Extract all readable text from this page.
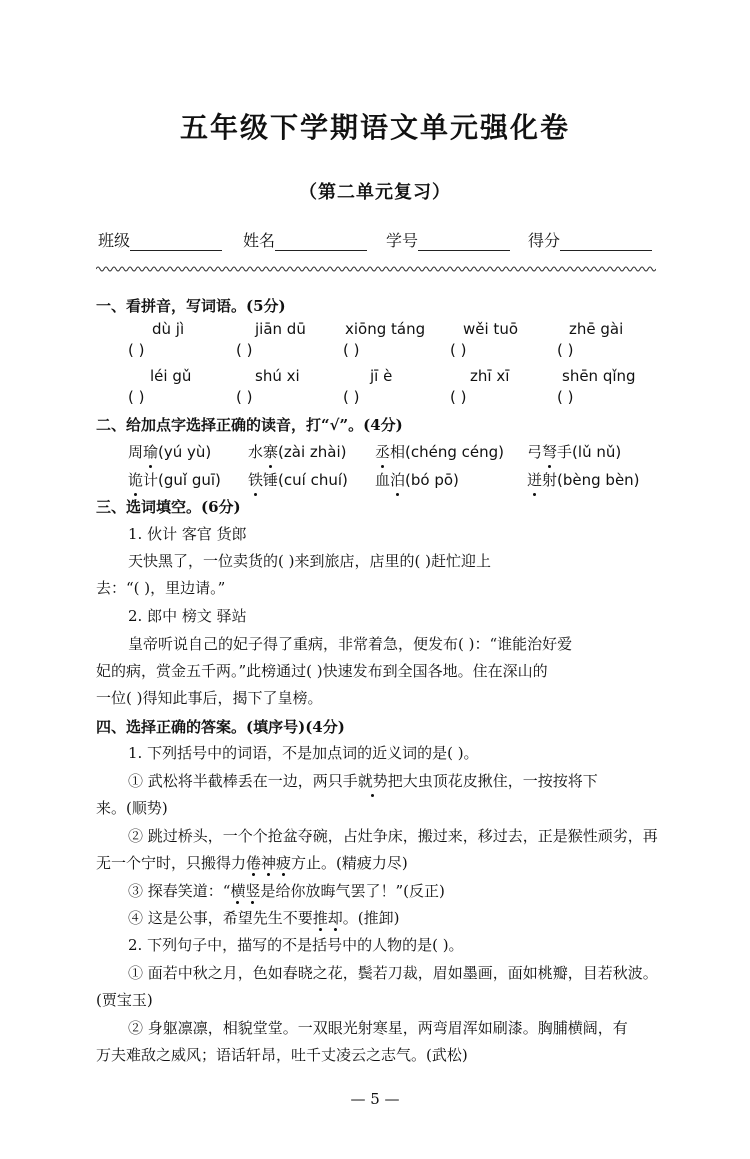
五年级下学期语文单元强化卷
（第二单元复习）
班级	姓名	学号	得分
一、看拼音，写词语。(5分)
dù jì	jiān dū	xiōng táng	wěi tuō	zhē gài
( )	( )	( )	( )	( )
léi gǔ	shú xi	jī è	zhī xī	shēn qǐng
( )	( )	( )	( )	( )
二、给加点字选择正确的读音，打“√”。(4分)
周瑜(yú yù) 水寨(zài zhài) 丞相(chéng céng) 弓弩手(lǔ nǔ)
诡计(guǐ guī) 铁锤(cuí chuí) 血泊(bó pō)	迸射(bèng bèn)
三、选词填空。(6分)
1. 伙计 客官 货郎
天快黑了，一位卖货的( )来到旅店，店里的( )赶忙迎上
去：“( )，里边请。”
2. 郎中 榜文 驿站
皇帝听说自己的妃子得了重病，非常着急，便发布( )：“谁能治好爱
妃的病，赏金五千两。”此榜通过( )快速发布到全国各地。住在深山的
一位( )得知此事后，揭下了皇榜。
四、选择正确的答案。(填序号)(4分)
1. 下列括号中的词语，不是加点词的近义词的是( )。
① 武松将半截棒丢在一边，两只手就势把大虫顶花皮揪住，一按按将下
来。(顺势)
② 跳过桥头，一个个抢盆夺碗，占灶争床，搬过来，移过去，正是猴性顽劣，再
无一个宁时，只搬得力倦神疲方止。(精疲力尽)
③ 探春笑道：“横竖是给你放晦气罢了！”(反正)
④ 这是公事，希望先生不要推却。(推卸)
2. 下列句子中，描写的不是括号中的人物的是( )。
① 面若中秋之月，色如春晓之花，鬓若刀裁，眉如墨画，面如桃瓣，目若秋波。
(贾宝玉)
② 身躯凛凛，相貌堂堂。一双眼光射寒星，两弯眉浑如刷漆。胸脯横阔，有
万夫难敌之威风；语话轩昂，吐千丈凌云之志气。(武松)
— 5 —
